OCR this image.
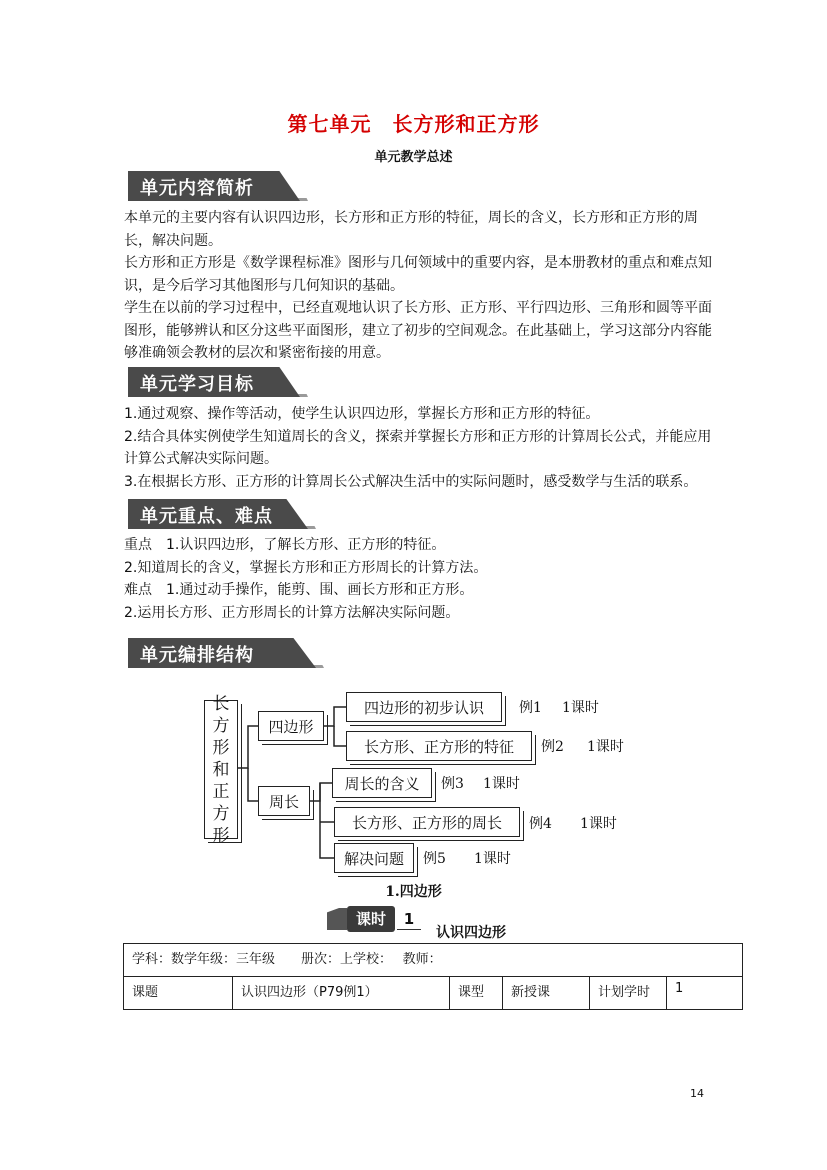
第七单元　长方形和正方形
单元教学总述
单元内容简析

本单元的主要内容有认识四边形，长方形和正方形的特征，周长的含义，长方形和正方形的周长，解决问题。

长方形和正方形是《数学课程标准》图形与几何领域中的重要内容，是本册教材的重点和难点知识，是今后学习其他图形与几何知识的基础。

学生在以前的学习过程中，已经直观地认识了长方形、正方形、平行四边形、三角形和圆等平面图形，能够辨认和区分这些平面图形，建立了初步的空间观念。在此基础上，学习这部分内容能够准确领会教材的层次和紧密衔接的用意。

单元学习目标

1.通过观察、操作等活动，使学生认识四边形，掌握长方形和正方形的特征。

2.结合具体实例使学生知道周长的含义，探索并掌握长方形和正方形的计算周长公式，并能应用计算公式解决实际问题。

3.在根据长方形、正方形的计算周长公式解决生活中的实际问题时，感受数学与生活的联系。

单元重点、难点

重点　1.认识四边形，了解长方形、正方形的特征。

2.知道周长的含义，掌握长方形和正方形周长的计算方法。

难点　1.通过动手操作，能剪、围、画长方形和正方形。

2.运用长方形、正方形周长的计算方法解决实际问题。

单元编排结构
长
方
形
和
正
方
形
四边形
周长
四边形的初步认识	例1 1课时
长方形、正方形的特征	例2 1课时
周长的含义	例3 1课时
长方形、正方形的周长	例4 1课时
解决问题	例5 1课时
1.四边形
课时	1
认识四边形
学科：数学年级：三年级　　册次：上学校：　 教师：
课题	认识四边形（P79例1）	课型	新授课	计划学时	1
14
